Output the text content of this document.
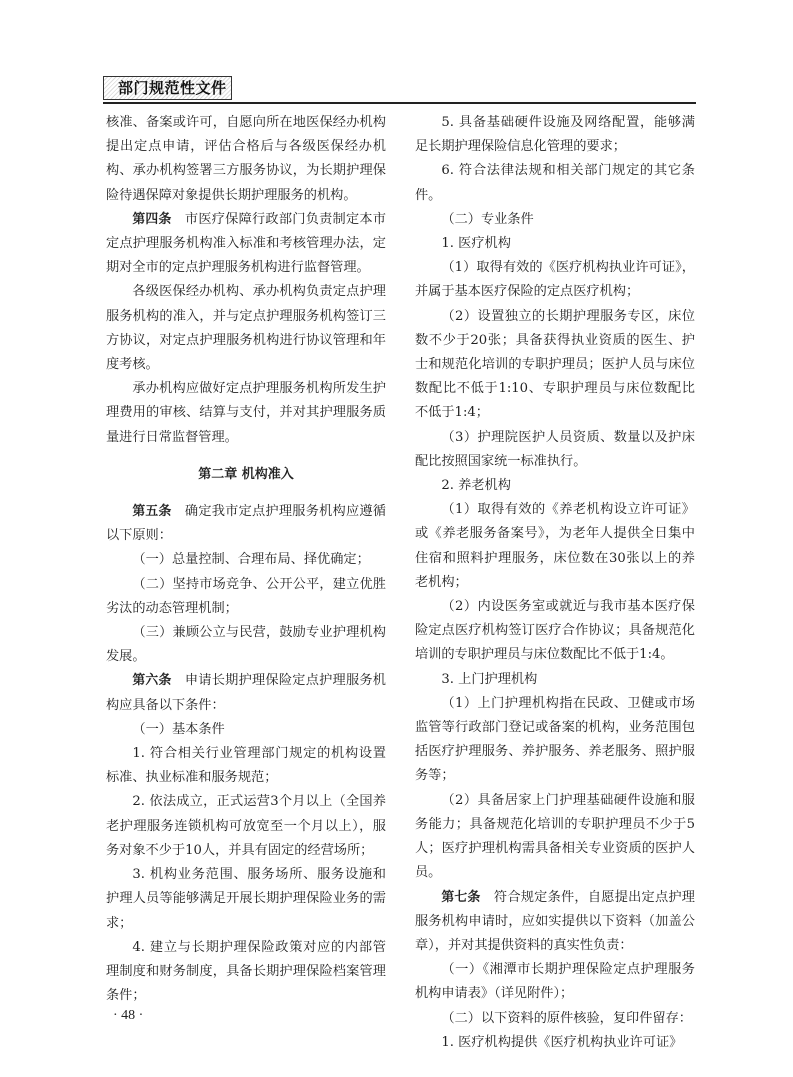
部门规范性文件

核准、备案或许可，自愿向所在地医保经办机构提出定点申请，评估合格后与各级医保经办机构、承办机构签署三方服务协议，为长期护理保险待遇保障对象提供长期护理服务的机构。

第四条　 市医疗保障行政部门负责制定本市定点护理服务机构准入标准和考核管理办法，定期对全市的定点护理服务机构进行监督管理。

各级医保经办机构、承办机构负责定点护理服务机构的准入，并与定点护理服务机构签订三方协议，对定点护理服务机构进行协议管理和年度考核。

承办机构应做好定点护理服务机构所发生护理费用的审核、结算与支付，并对其护理服务质量进行日常监督管理。

第二章 机构准入

第五条　 确定我市定点护理服务机构应遵循以下原则：

（一）总量控制、合理布局、择优确定；

（二）坚持市场竞争、公开公平，建立优胜劣汰的动态管理机制；

（三）兼顾公立与民营，鼓励专业护理机构发展。

第六条　 申请长期护理保险定点护理服务机构应具备以下条件：

（一）基本条件

1. 符合相关行业管理部门规定的机构设置标准、执业标准和服务规范；

2. 依法成立，正式运营3个月以上（全国养老护理服务连锁机构可放宽至一个月以上），服务对象不少于10人，并具有固定的经营场所；

3. 机构业务范围、服务场所、服务设施和护理人员等能够满足开展长期护理保险业务的需求；

4. 建立与长期护理保险政策对应的内部管理制度和财务制度，具备长期护理保险档案管理条件；

5. 具备基础硬件设施及网络配置，能够满足长期护理保险信息化管理的要求；

6. 符合法律法规和相关部门规定的其它条件。

（二）专业条件

1. 医疗机构

（1）取得有效的《医疗机构执业许可证》，并属于基本医疗保险的定点医疗机构；

（2）设置独立的长期护理服务专区，床位数不少于20张；具备获得执业资质的医生、护士和规范化培训的专职护理员；医护人员与床位数配比不低于1:10、专职护理员与床位数配比不低于1:4；

（3）护理院医护人员资质、数量以及护床配比按照国家统一标准执行。

2. 养老机构

（1）取得有效的《养老机构设立许可证》或《养老服务备案号》，为老年人提供全日集中住宿和照料护理服务，床位数在30张以上的养老机构；

（2）内设医务室或就近与我市基本医疗保险定点医疗机构签订医疗合作协议；具备规范化培训的专职护理员与床位数配比不低于1:4。

3. 上门护理机构

（1）上门护理机构指在民政、卫健或市场监管等行政部门登记或备案的机构，业务范围包括医疗护理服务、养护服务、养老服务、照护服务等；

（2）具备居家上门护理基础硬件设施和服务能力；具备规范化培训的专职护理员不少于5人；医疗护理机构需具备相关专业资质的医护人员。

第七条　 符合规定条件，自愿提出定点护理服务机构申请时，应如实提供以下资料（加盖公章），并对其提供资料的真实性负责：

（一）《湘潭市长期护理保险定点护理服务机构申请表》（详见附件）；

（二）以下资料的原件核验，复印件留存：

1. 医疗机构提供《医疗机构执业许可证》

· 48 ·
